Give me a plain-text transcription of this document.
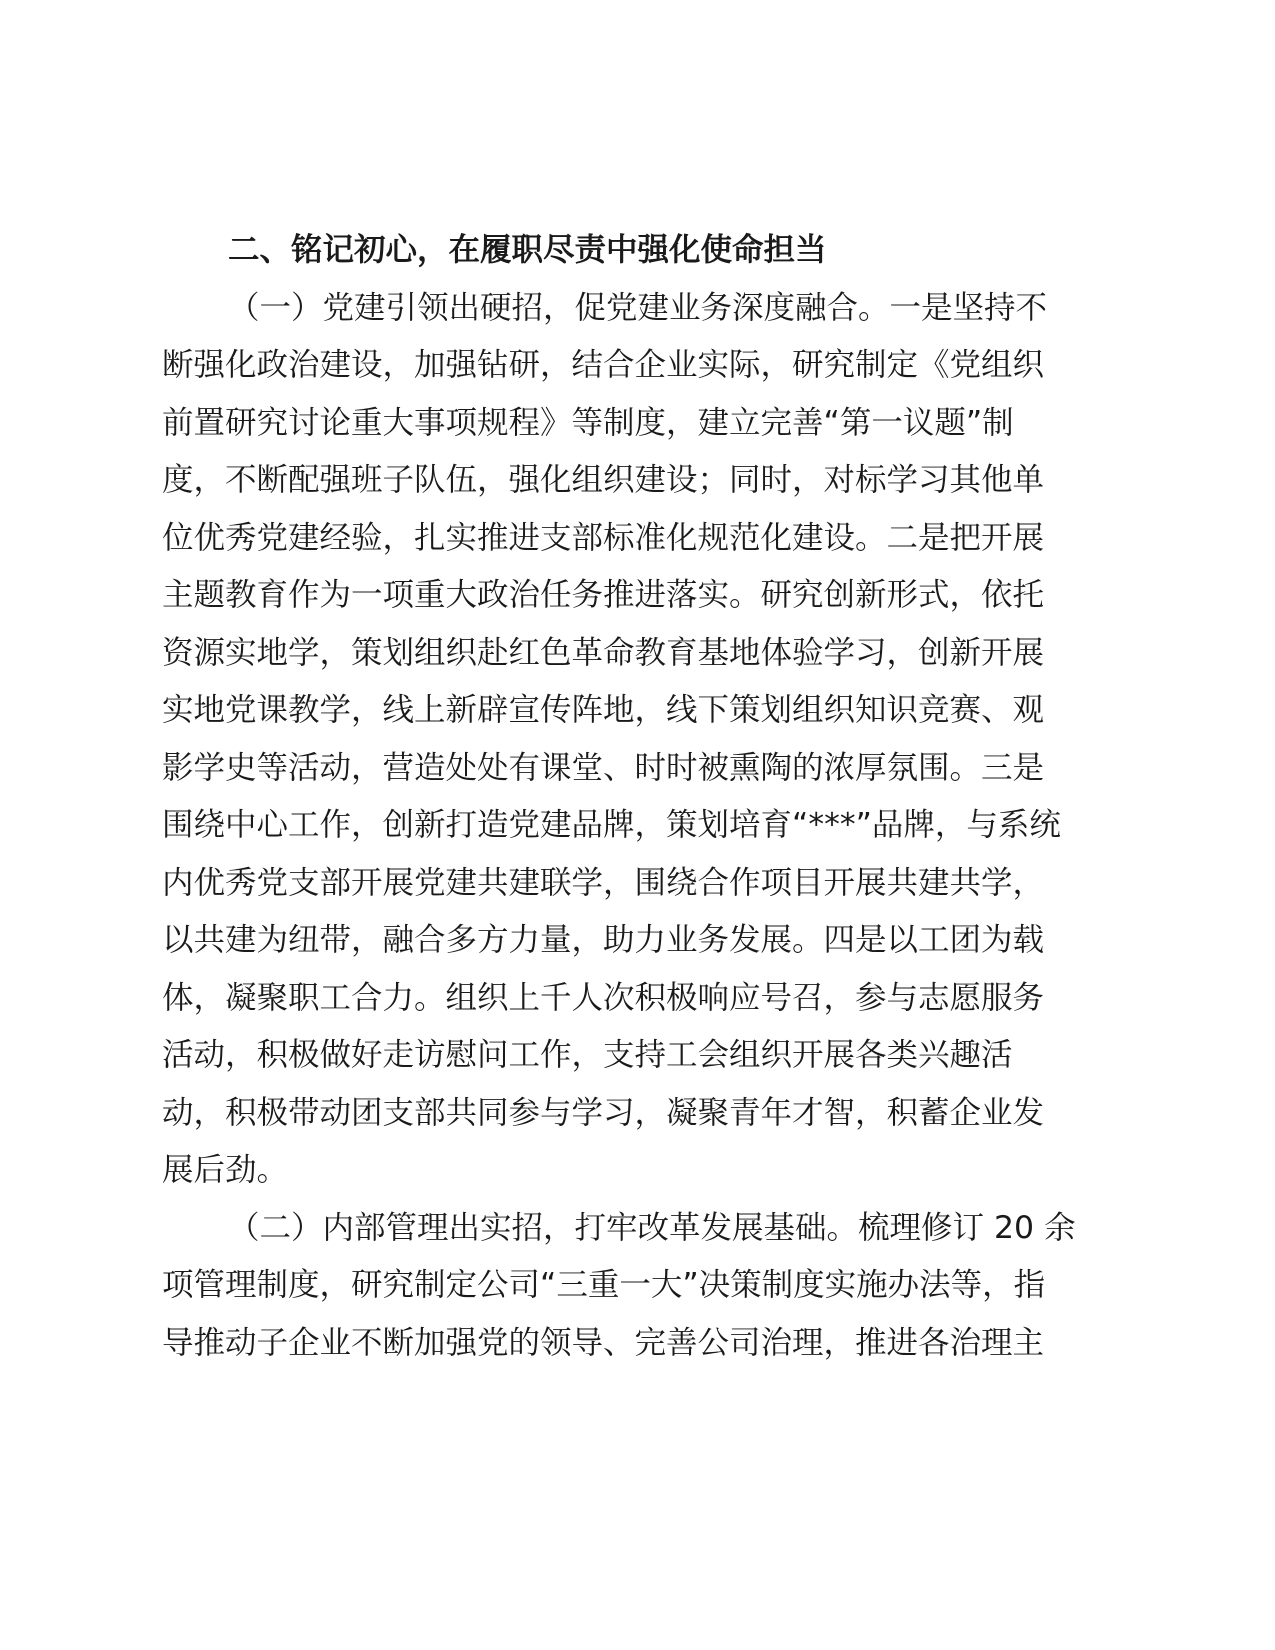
二、铭记初心，在履职尽责中强化使命担当
（一）党建引领出硬招，促党建业务深度融合。一是坚持不
断强化政治建设，加强钻研，结合企业实际，研究制定《党组织
前置研究讨论重大事项规程》等制度，建立完善“第一议题”制
度，不断配强班子队伍，强化组织建设；同时，对标学习其他单
位优秀党建经验，扎实推进支部标准化规范化建设。二是把开展
主题教育作为一项重大政治任务推进落实。研究创新形式，依托
资源实地学，策划组织赴红色革命教育基地体验学习，创新开展
实地党课教学，线上新辟宣传阵地，线下策划组织知识竞赛、观
影学史等活动，营造处处有课堂、时时被熏陶的浓厚氛围。三是
围绕中心工作，创新打造党建品牌，策划培育“***”品牌，与系统
内优秀党支部开展党建共建联学，围绕合作项目开展共建共学，
以共建为纽带，融合多方力量，助力业务发展。四是以工团为载
体，凝聚职工合力。组织上千人次积极响应号召，参与志愿服务
活动，积极做好走访慰问工作，支持工会组织开展各类兴趣活
动，积极带动团支部共同参与学习，凝聚青年才智，积蓄企业发
展后劲。
（二）内部管理出实招，打牢改革发展基础。梳理修订 20 余
项管理制度，研究制定公司“三重一大”决策制度实施办法等，指
导推动子企业不断加强党的领导、完善公司治理，推进各治理主
